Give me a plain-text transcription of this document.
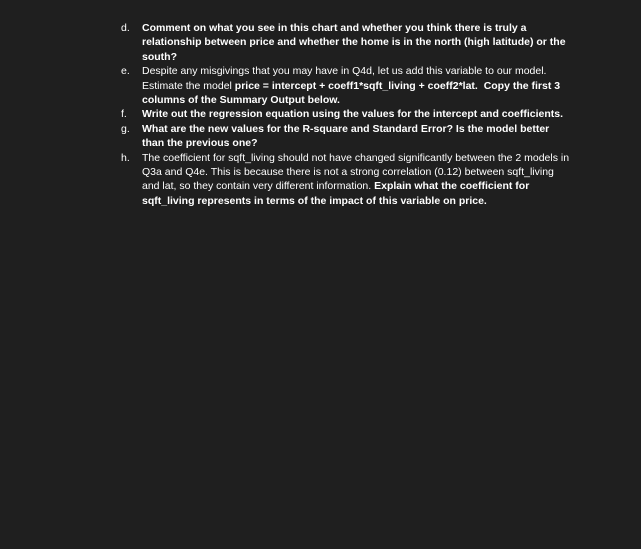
d.	Comment on what you see in this chart and whether you think there is truly a relationship between price and whether the home is in the north (high latitude) or the south?

e.	Despite any misgivings that you may have in Q4d, let us add this variable to our model. Estimate the model price = intercept + coeff1*sqft_living + coeff2*lat. Copy the first 3 columns of the Summary Output below.

f.	Write out the regression equation using the values for the intercept and coefficients.

g.	What are the new values for the R-square and Standard Error? Is the model better than the previous one?

h.	The coefficient for sqft_living should not have changed significantly between the 2 models in Q3a and Q4e. This is because there is not a strong correlation (0.12) between sqft_living and lat, so they contain very different information. Explain what the coefficient for sqft_living represents in terms of the impact of this variable on price.
